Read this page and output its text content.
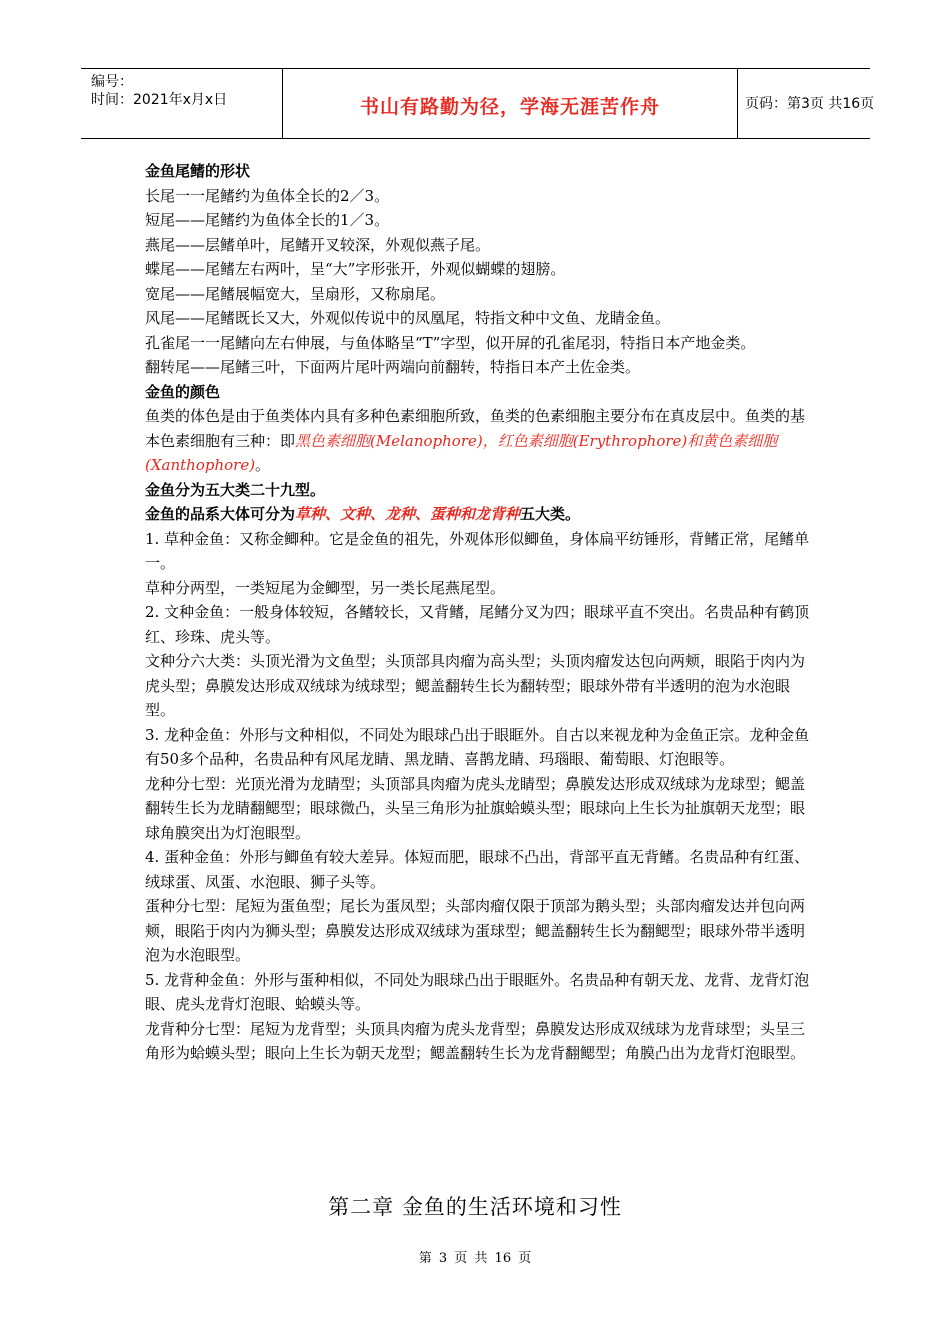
编号：
时间：2021年x月x日	书山有路勤为径，学海无涯苦作舟	页码：第3页 共16页

金鱼尾鳍的形状

长尾一一尾鳍约为鱼体全长的2／3。

短尾——尾鳍约为鱼体全长的1／3。

燕尾——层鳍单叶，尾鳍开叉较深，外观似燕子尾。

蝶尾——尾鳍左右两叶，呈“大”字形张开，外观似蝴蝶的翅膀。

宽尾——尾鳍展幅宽大，呈扇形，又称扇尾。

风尾——尾鳍既长又大，外观似传说中的凤凰尾，特指文种中文鱼、龙睛金鱼。

孔雀尾一一尾鳍向左右伸展，与鱼体略呈“T”字型，似开屏的孔雀尾羽，特指日本产地金类。

翻转尾——尾鳍三叶，下面两片尾叶两端向前翻转，特指日本产土佐金类。

金鱼的颜色

鱼类的体色是由于鱼类体内具有多种色素细胞所致，鱼类的色素细胞主要分布在真皮层中。鱼类的基本色素细胞有三种：即黑色素细胞(Melanophore)，红色素细胞(Erythrophore)和黄色素细胞(Xanthophore)。

金鱼分为五大类二十九型。

金鱼的品系大体可分为草种、文种、龙种、蛋种和龙背种五大类。

1. 草种金鱼：又称金鲫种。它是金鱼的祖先，外观体形似鲫鱼，身体扁平纺锤形，背鳍正常，尾鳍单一。

草种分两型，一类短尾为金鲫型，另一类长尾燕尾型。

2. 文种金鱼：一般身体较短，各鳍较长，又背鳍，尾鳍分叉为四；眼球平直不突出。名贵品种有鹤顶红、珍珠、虎头等。

文种分六大类：头顶光滑为文鱼型；头顶部具肉瘤为高头型；头顶肉瘤发达包向两颊，眼陷于肉内为虎头型；鼻膜发达形成双绒球为绒球型；鳃盖翻转生长为翻转型；眼球外带有半透明的泡为水泡眼型。

3. 龙种金鱼：外形与文种相似，不同处为眼球凸出于眼眶外。自古以来视龙种为金鱼正宗。龙种金鱼有50多个品种，名贵品种有风尾龙睛、黑龙睛、喜鹊龙睛、玛瑙眼、葡萄眼、灯泡眼等。

龙种分七型：光顶光滑为龙睛型；头顶部具肉瘤为虎头龙睛型；鼻膜发达形成双绒球为龙球型；鳃盖翻转生长为龙睛翻鳃型；眼球微凸，头呈三角形为扯旗蛤蟆头型；眼球向上生长为扯旗朝天龙型；眼球角膜突出为灯泡眼型。

4. 蛋种金鱼：外形与鲫鱼有较大差异。体短而肥，眼球不凸出，背部平直无背鳍。名贵品种有红蛋、绒球蛋、凤蛋、水泡眼、狮子头等。

蛋种分七型：尾短为蛋鱼型；尾长为蛋凤型；头部肉瘤仅限于顶部为鹅头型；头部肉瘤发达并包向两颊，眼陷于肉内为狮头型；鼻膜发达形成双绒球为蛋球型；鳃盖翻转生长为翻鳃型；眼球外带半透明泡为水泡眼型。

5. 龙背种金鱼：外形与蛋种相似，不同处为眼球凸出于眼眶外。名贵品种有朝天龙、龙背、龙背灯泡眼、虎头龙背灯泡眼、蛤蟆头等。

龙背种分七型：尾短为龙背型；头顶具肉瘤为虎头龙背型；鼻膜发达形成双绒球为龙背球型；头呈三角形为蛤蟆头型；眼向上生长为朝天龙型；鳃盖翻转生长为龙背翻鳃型；角膜凸出为龙背灯泡眼型。

第二章 金鱼的生活环境和习性
第 3 页 共 16 页
